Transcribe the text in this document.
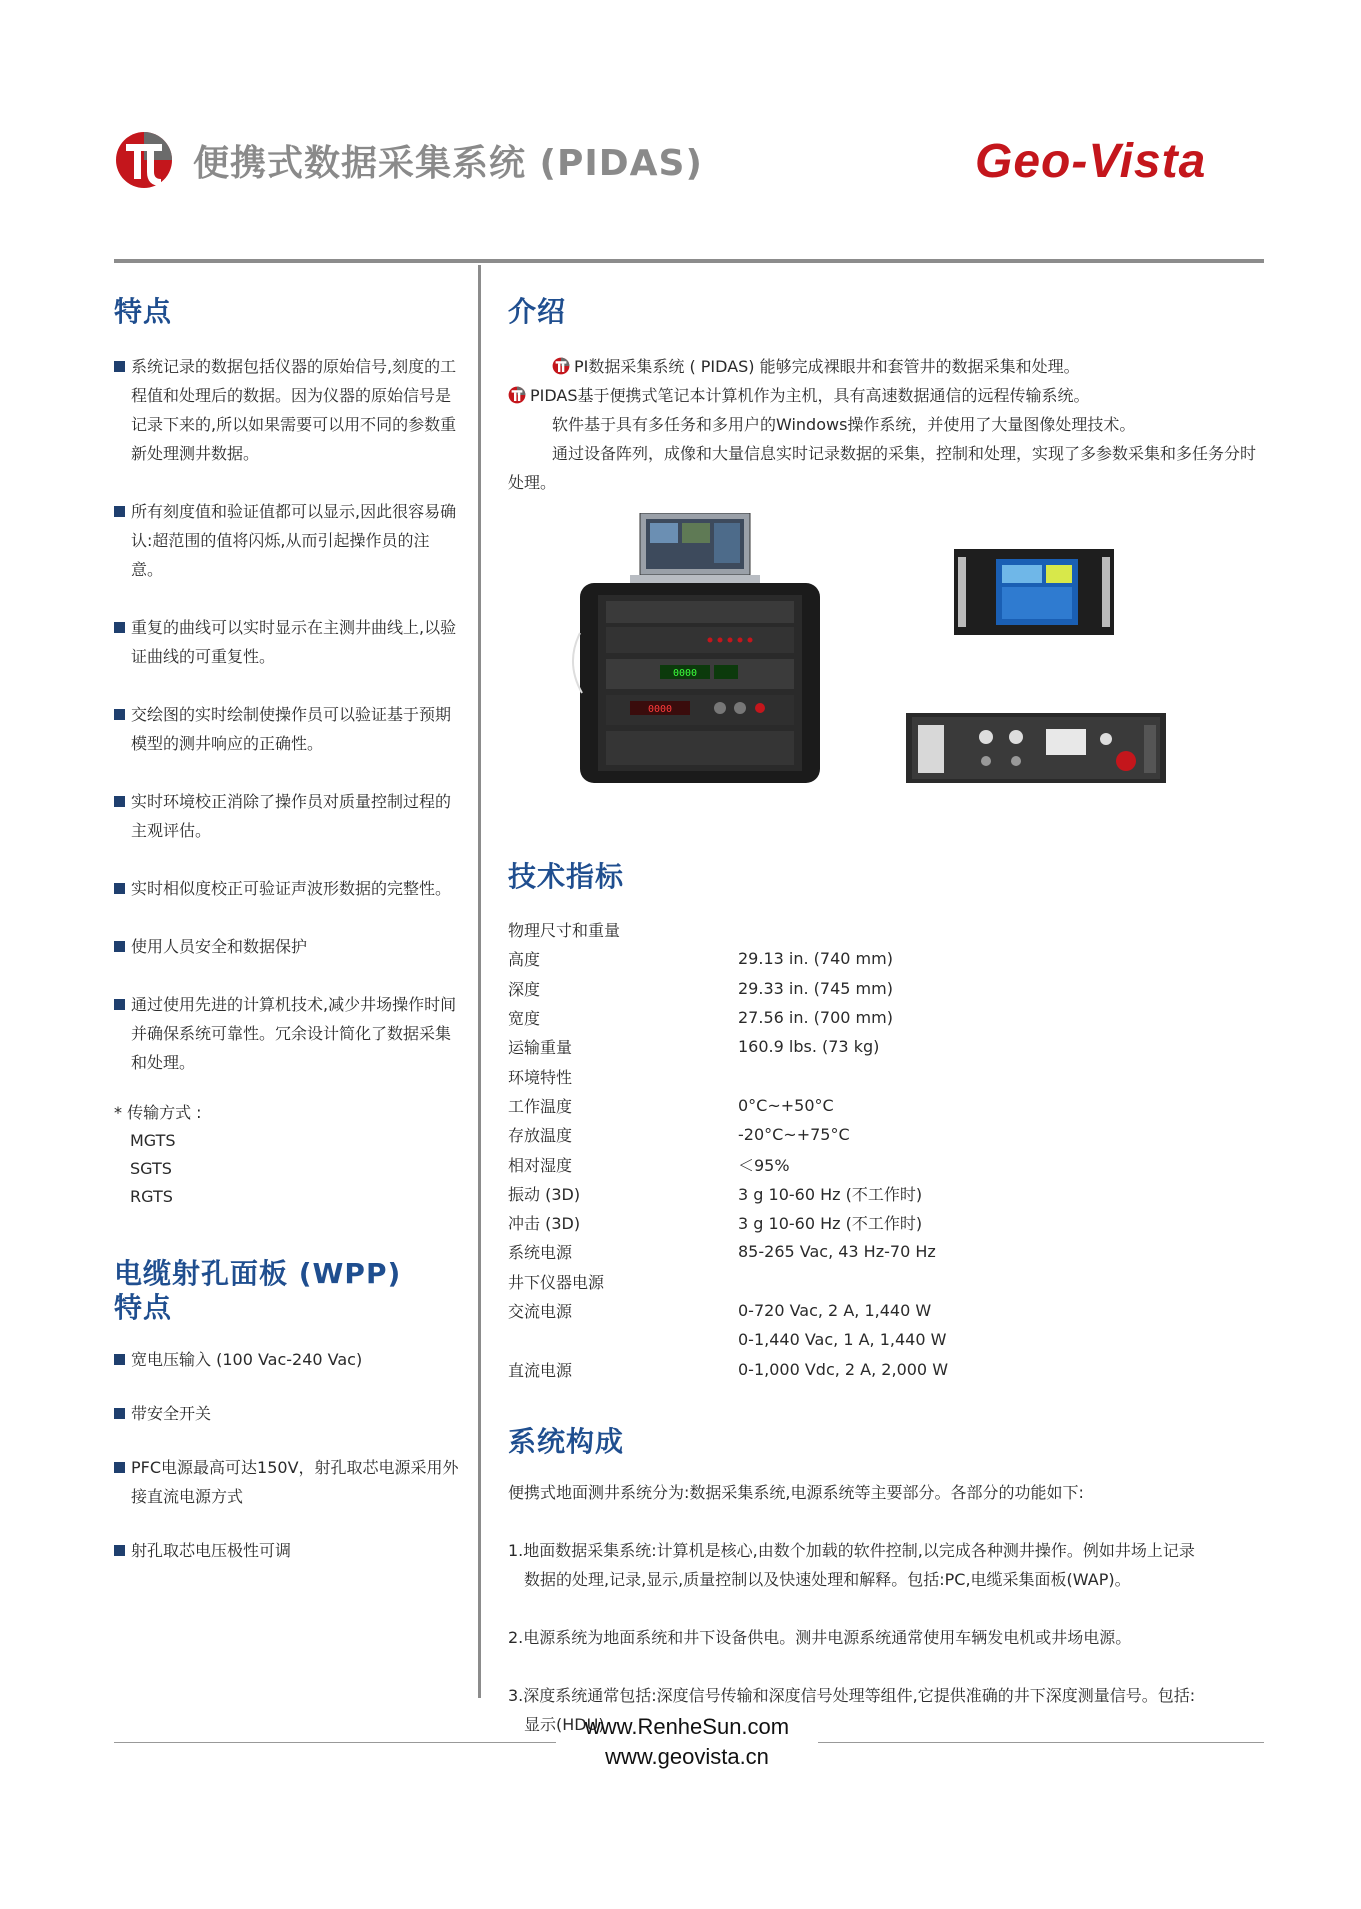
便携式数据采集系统 (PIDAS)	Geo-Vista
特点
系统记录的数据包括仪器的原始信号,刻度的工程值和处理后的数据。因为仪器的原始信号是记录下来的,所以如果需要可以用不同的参数重新处理测井数据。
所有刻度值和验证值都可以显示,因此很容易确认:超范围的值将闪烁,从而引起操作员的注意。
重复的曲线可以实时显示在主测井曲线上,以验证曲线的可重复性。
交绘图的实时绘制使操作员可以验证基于预期模型的测井响应的正确性。
实时环境校正消除了操作员对质量控制过程的主观评估。
实时相似度校正可验证声波形数据的完整性。
使用人员安全和数据保护
通过使用先进的计算机技术,减少井场操作时间并确保系统可靠性。冗余设计简化了数据采集和处理。
* 传输方式 :
MGTS
SGTS
RGTS
电缆射孔面板 (WPP)
特点
宽电压输入 (100 Vac-240 Vac)
带安全开关
PFC电源最高可达150V，射孔取芯电源采用外接直流电源方式
射孔取芯电压极性可调
介绍
PI数据采集系统 ( PIDAS) 能够完成裸眼井和套管井的数据采集和处理。
PIDAS基于便携式笔记本计算机作为主机，具有高速数据通信的远程传输系统。
软件基于具有多任务和多用户的Windows操作系统，并使用了大量图像处理技术。
通过设备阵列，成像和大量信息实时记录数据的采集，控制和处理，实现了多参数采集和多任务分时处理。
0000
0000
技术指标
物理尺寸和重量	
高度	29.13 in. (740 mm)
深度	29.33 in. (745 mm)
宽度	27.56 in. (700 mm)
运输重量	160.9 lbs. (73 kg)
环境特性	
工作温度	0°C~+50°C
存放温度	-20°C~+75°C
相对湿度	＜95%
振动 (3D)	3 g 10-60 Hz (不工作时)
冲击 (3D)	3 g 10-60 Hz (不工作时)
系统电源	85-265 Vac, 43 Hz-70 Hz
井下仪器电源	
交流电源	0-720 Vac, 2 A, 1,440 W
	0-1,440 Vac, 1 A, 1,440 W
直流电源	0-1,000 Vdc, 2 A, 2,000 W
系统构成
便携式地面测井系统分为:数据采集系统,电源系统等主要部分。各部分的功能如下:
1.地面数据采集系统:计算机是核心,由数个加载的软件控制,以完成各种测井操作。例如井场上记录
数据的处理,记录,显示,质量控制以及快速处理和解释。包括:PC,电缆采集面板(WAP)。
2.电源系统为地面系统和井下设备供电。测井电源系统通常使用车辆发电机或井场电源。
3.深度系统通常包括:深度信号传输和深度信号处理等组件,它提供准确的井下深度测量信号。包括:
显示(HDU)
www.RenheSun.com
www.geovista.cn
